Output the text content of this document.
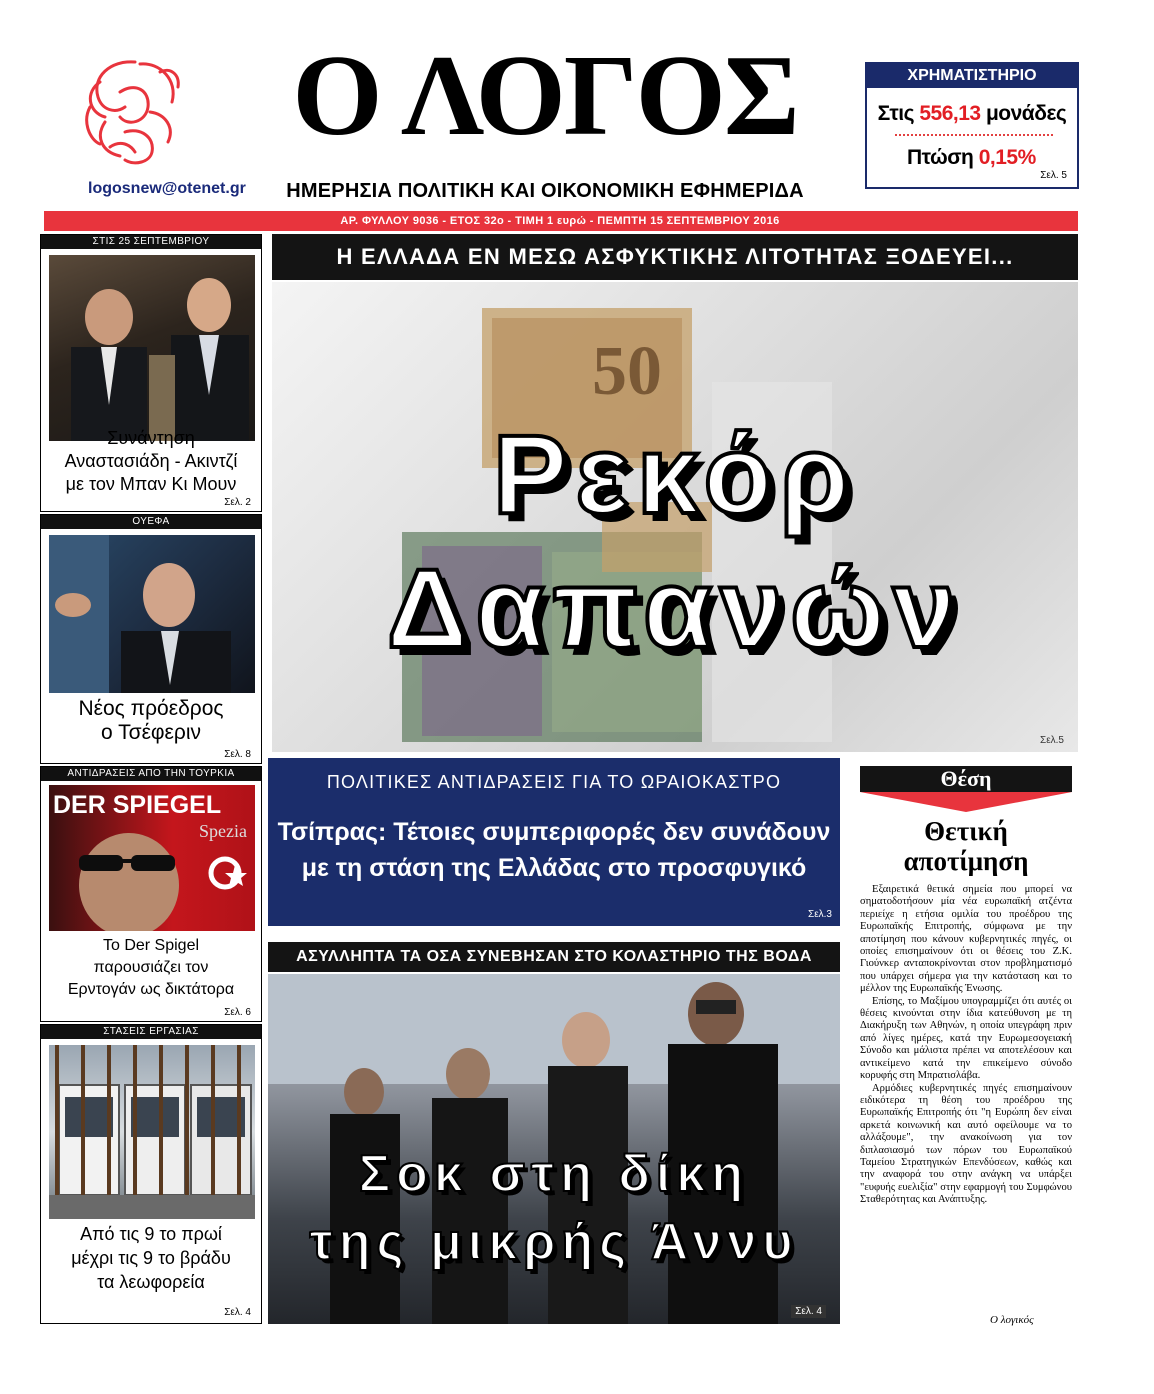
logosnew@otenet.gr
Ο ΛΟΓΟΣ
ΗΜΕΡΗΣΙΑ ΠΟΛΙΤΙΚΗ ΚΑΙ ΟΙΚΟΝΟΜΙΚΗ ΕΦΗΜΕΡΙΔΑ
ΧΡΗΜΑΤΙΣΤΗΡΙΟ
Στις 556,13 μονάδες
Πτώση 0,15%
Σελ. 5
ΑΡ. ΦΥΛΛΟΥ 9036 - ΕΤΟΣ 32ο - ΤΙΜΗ 1 ευρώ - ΠΕΜΠΤΗ 15 ΣΕΠΤΕΜΒΡΙΟΥ 2016
ΣΤΙΣ 25 ΣΕΠΤΕΜΒΡΙΟΥ
Συνάντηση
Αναστασιάδη - Ακιντζί
με τον Μπαν Κι Μουν
Σελ. 2
ΟΥΕΦΑ
Νέος πρόεδρος
ο Τσέφεριν
Σελ. 8
ΑΝΤΙΔΡΑΣΕΙΣ ΑΠΟ ΤΗΝ ΤΟΥΡΚΙΑ
DER SPIEGEL
Spezia
Το Der Spigel
παρουσιάζει τον
Ερντογάν ως δικτάτορα
Σελ. 6
ΣΤΑΣΕΙΣ ΕΡΓΑΣΙΑΣ
Από τις 9 το πρωί
μέχρι τις 9 το βράδυ
τα λεωφορεία
Σελ. 4
Η ΕΛΛΑΔΑ ΕΝ ΜΕΣΩ ΑΣΦΥΚΤΙΚΗΣ ΛΙΤΟΤΗΤΑΣ ΞΟΔΕΥΕΙ...
50
Ρεκόρ
Δαπανών
Σελ.5
ΠΟΛΙΤΙΚΕΣ ΑΝΤΙΔΡΑΣΕΙΣ ΓΙΑ ΤΟ ΩΡΑΙΟΚΑΣΤΡΟ
Τσίπρας: Τέτοιες συμπεριφορές δεν συνάδουν
με τη στάση της Ελλάδας στο προσφυγικό
Σελ.3
ΑΣΥΛΛΗΠΤΑ ΤΑ ΟΣΑ ΣΥΝΕΒΗΣΑΝ ΣΤΟ ΚΟΛΑΣΤΗΡΙΟ ΤΗΣ ΒΟΔΑ
Σοκ στη δίκη
της μικρής Άννυ
Σελ. 4
Θέση
Θετική
αποτίμηση

Εξαιρετικά θετικά σημεία που μπορεί να σηματοδοτήσουν μία νέα ευρωπαϊκή ατζέντα περιείχε η ετήσια ομιλία του προέδρου της Ευρωπαϊκής Επιτροπής, σύμφωνα με την αποτίμηση που κάνουν κυβερνητικές πηγές, οι οποίες επισημαίνουν ότι οι θέσεις του Ζ.Κ. Γιούνκερ ανταποκρίνονται στον προβληματισμό που υπάρχει σήμερα για την κατάσταση και το μέλλον της Ευρωπαϊκής Ένωσης.

Επίσης, το Μαξίμου υπογραμμίζει ότι αυτές οι θέσεις κινούνται στην ίδια κατεύθυνση με τη Διακήρυξη των Αθηνών, η οποία υπεγράφη πριν από λίγες ημέρες, κατά την Ευρωμεσογειακή Σύνοδο και μάλιστα πρέπει να αποτελέσουν και αντικείμενο κατά την επικείμενο σύνοδο κορυφής στη Μπρατισλάβα.

Αρμόδιες κυβερνητικές πηγές επισημαίνουν ειδικότερα τη θέση του προέδρου της Ευρωπαϊκής Επιτροπής ότι "η Ευρώπη δεν είναι αρκετά κοινωνική και αυτό οφείλουμε να το αλλάξουμε", την ανακοίνωση για τον διπλασιασμό των πόρων του Ευρωπαϊκού Ταμείου Στρατηγικών Επενδύσεων, καθώς και την αναφορά του στην ανάγκη να υπάρξει "ευφυής ευελιξία" στην εφαρμογή του Συμφώνου Σταθερότητας και Ανάπτυξης.

Ο λογικός
